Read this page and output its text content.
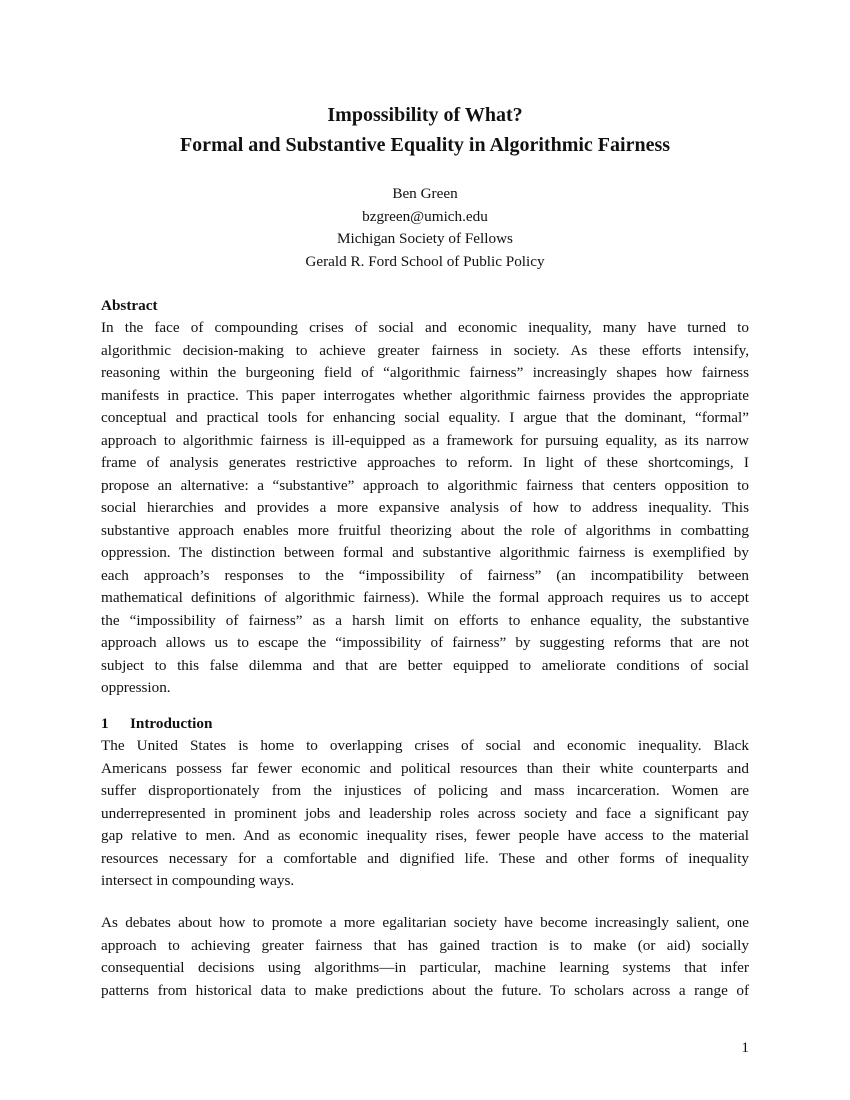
Impossibility of What?
Formal and Substantive Equality in Algorithmic Fairness
Ben Green
bzgreen@umich.edu
Michigan Society of Fellows
Gerald R. Ford School of Public Policy
Abstract
In the face of compounding crises of social and economic inequality, many have turned to
algorithmic decision-making to achieve greater fairness in society. As these efforts intensify,
reasoning within the burgeoning field of “algorithmic fairness” increasingly shapes how fairness
manifests in practice. This paper interrogates whether algorithmic fairness provides the appropriate
conceptual and practical tools for enhancing social equality. I argue that the dominant, “formal”
approach to algorithmic fairness is ill-equipped as a framework for pursuing equality, as its narrow
frame of analysis generates restrictive approaches to reform. In light of these shortcomings, I
propose an alternative: a “substantive” approach to algorithmic fairness that centers opposition to
social hierarchies and provides a more expansive analysis of how to address inequality. This
substantive approach enables more fruitful theorizing about the role of algorithms in combatting
oppression. The distinction between formal and substantive algorithmic fairness is exemplified by
each approach’s responses to the “impossibility of fairness” (an incompatibility between
mathematical definitions of algorithmic fairness). While the formal approach requires us to accept
the “impossibility of fairness” as a harsh limit on efforts to enhance equality, the substantive
approach allows us to escape the “impossibility of fairness” by suggesting reforms that are not
subject to this false dilemma and that are better equipped to ameliorate conditions of social
oppression.
1 Introduction
The United States is home to overlapping crises of social and economic inequality. Black
Americans possess far fewer economic and political resources than their white counterparts and
suffer disproportionately from the injustices of policing and mass incarceration. Women are
underrepresented in prominent jobs and leadership roles across society and face a significant pay
gap relative to men. And as economic inequality rises, fewer people have access to the material
resources necessary for a comfortable and dignified life. These and other forms of inequality
intersect in compounding ways.
As debates about how to promote a more egalitarian society have become increasingly salient, one
approach to achieving greater fairness that has gained traction is to make (or aid) socially
consequential decisions using algorithms—in particular, machine learning systems that infer
patterns from historical data to make predictions about the future. To scholars across a range of
1
